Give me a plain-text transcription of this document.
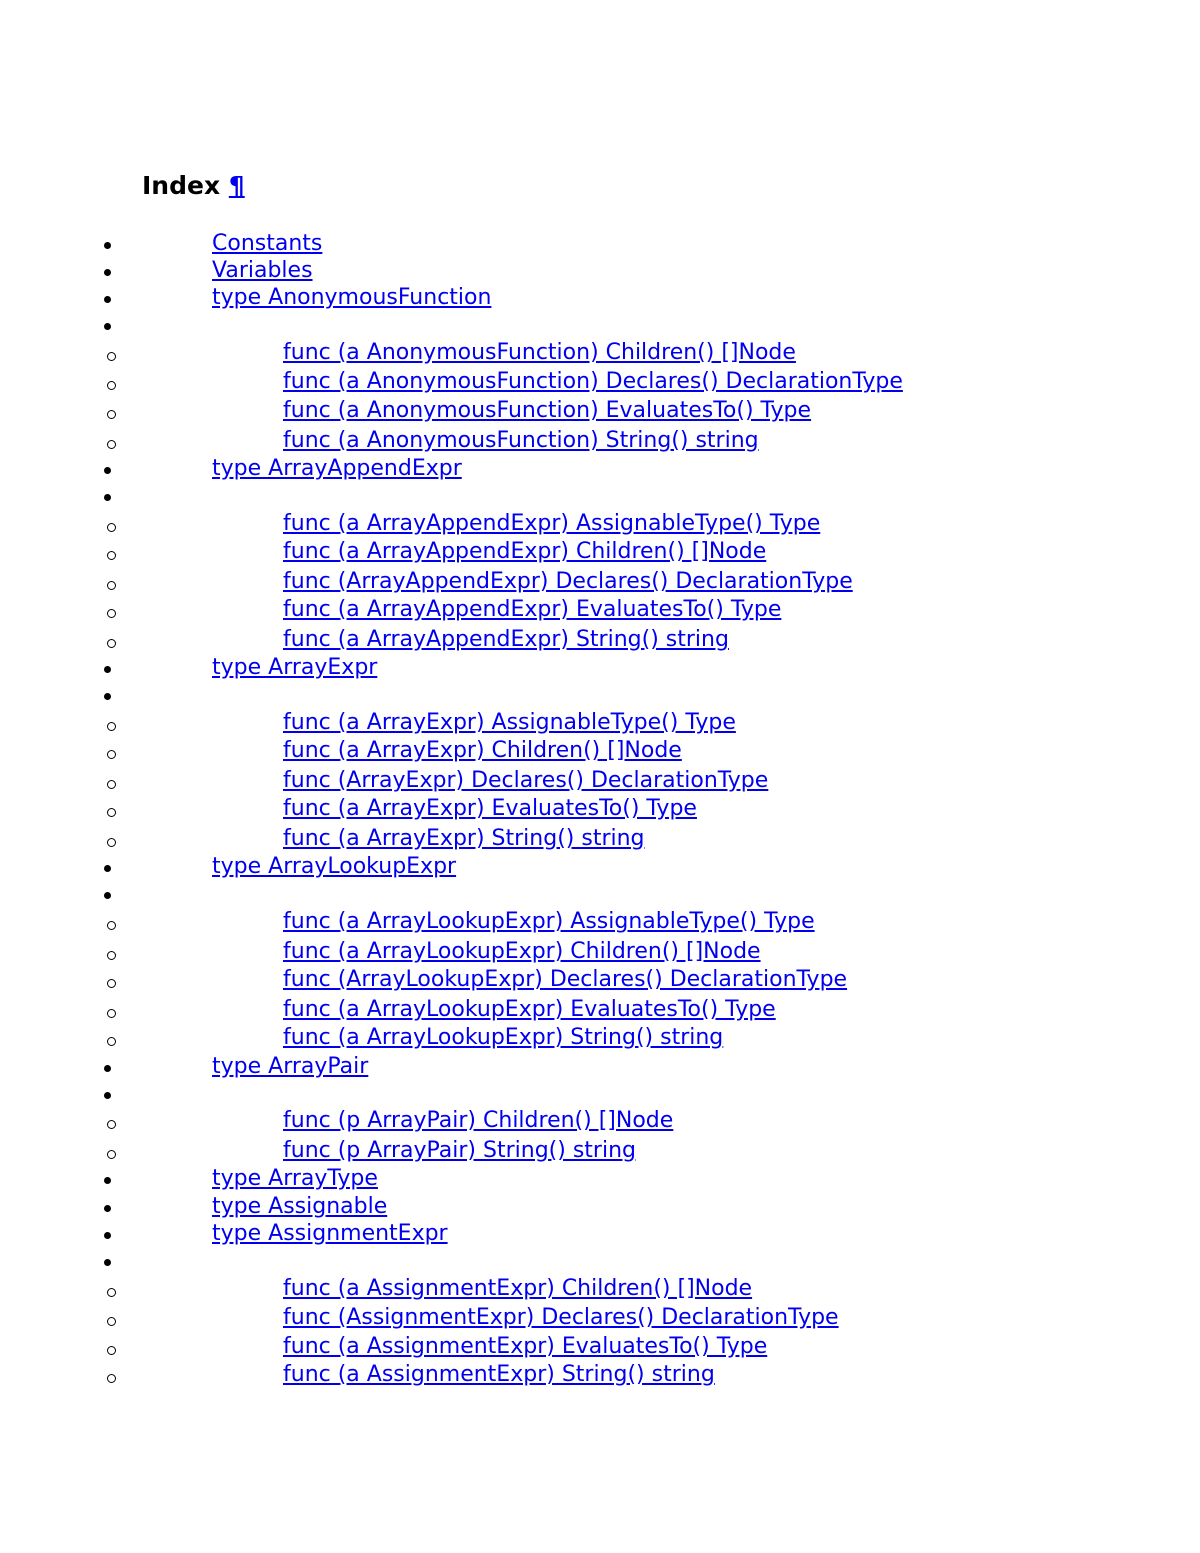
Index ¶
Constants
Variables
type AnonymousFunction
func (a AnonymousFunction) Children() []Node
func (a AnonymousFunction) Declares() DeclarationType
func (a AnonymousFunction) EvaluatesTo() Type
func (a AnonymousFunction) String() string
type ArrayAppendExpr
func (a ArrayAppendExpr) AssignableType() Type
func (a ArrayAppendExpr) Children() []Node
func (ArrayAppendExpr) Declares() DeclarationType
func (a ArrayAppendExpr) EvaluatesTo() Type
func (a ArrayAppendExpr) String() string
type ArrayExpr
func (a ArrayExpr) AssignableType() Type
func (a ArrayExpr) Children() []Node
func (ArrayExpr) Declares() DeclarationType
func (a ArrayExpr) EvaluatesTo() Type
func (a ArrayExpr) String() string
type ArrayLookupExpr
func (a ArrayLookupExpr) AssignableType() Type
func (a ArrayLookupExpr) Children() []Node
func (ArrayLookupExpr) Declares() DeclarationType
func (a ArrayLookupExpr) EvaluatesTo() Type
func (a ArrayLookupExpr) String() string
type ArrayPair
func (p ArrayPair) Children() []Node
func (p ArrayPair) String() string
type ArrayType
type Assignable
type AssignmentExpr
func (a AssignmentExpr) Children() []Node
func (AssignmentExpr) Declares() DeclarationType
func (a AssignmentExpr) EvaluatesTo() Type
func (a AssignmentExpr) String() string
